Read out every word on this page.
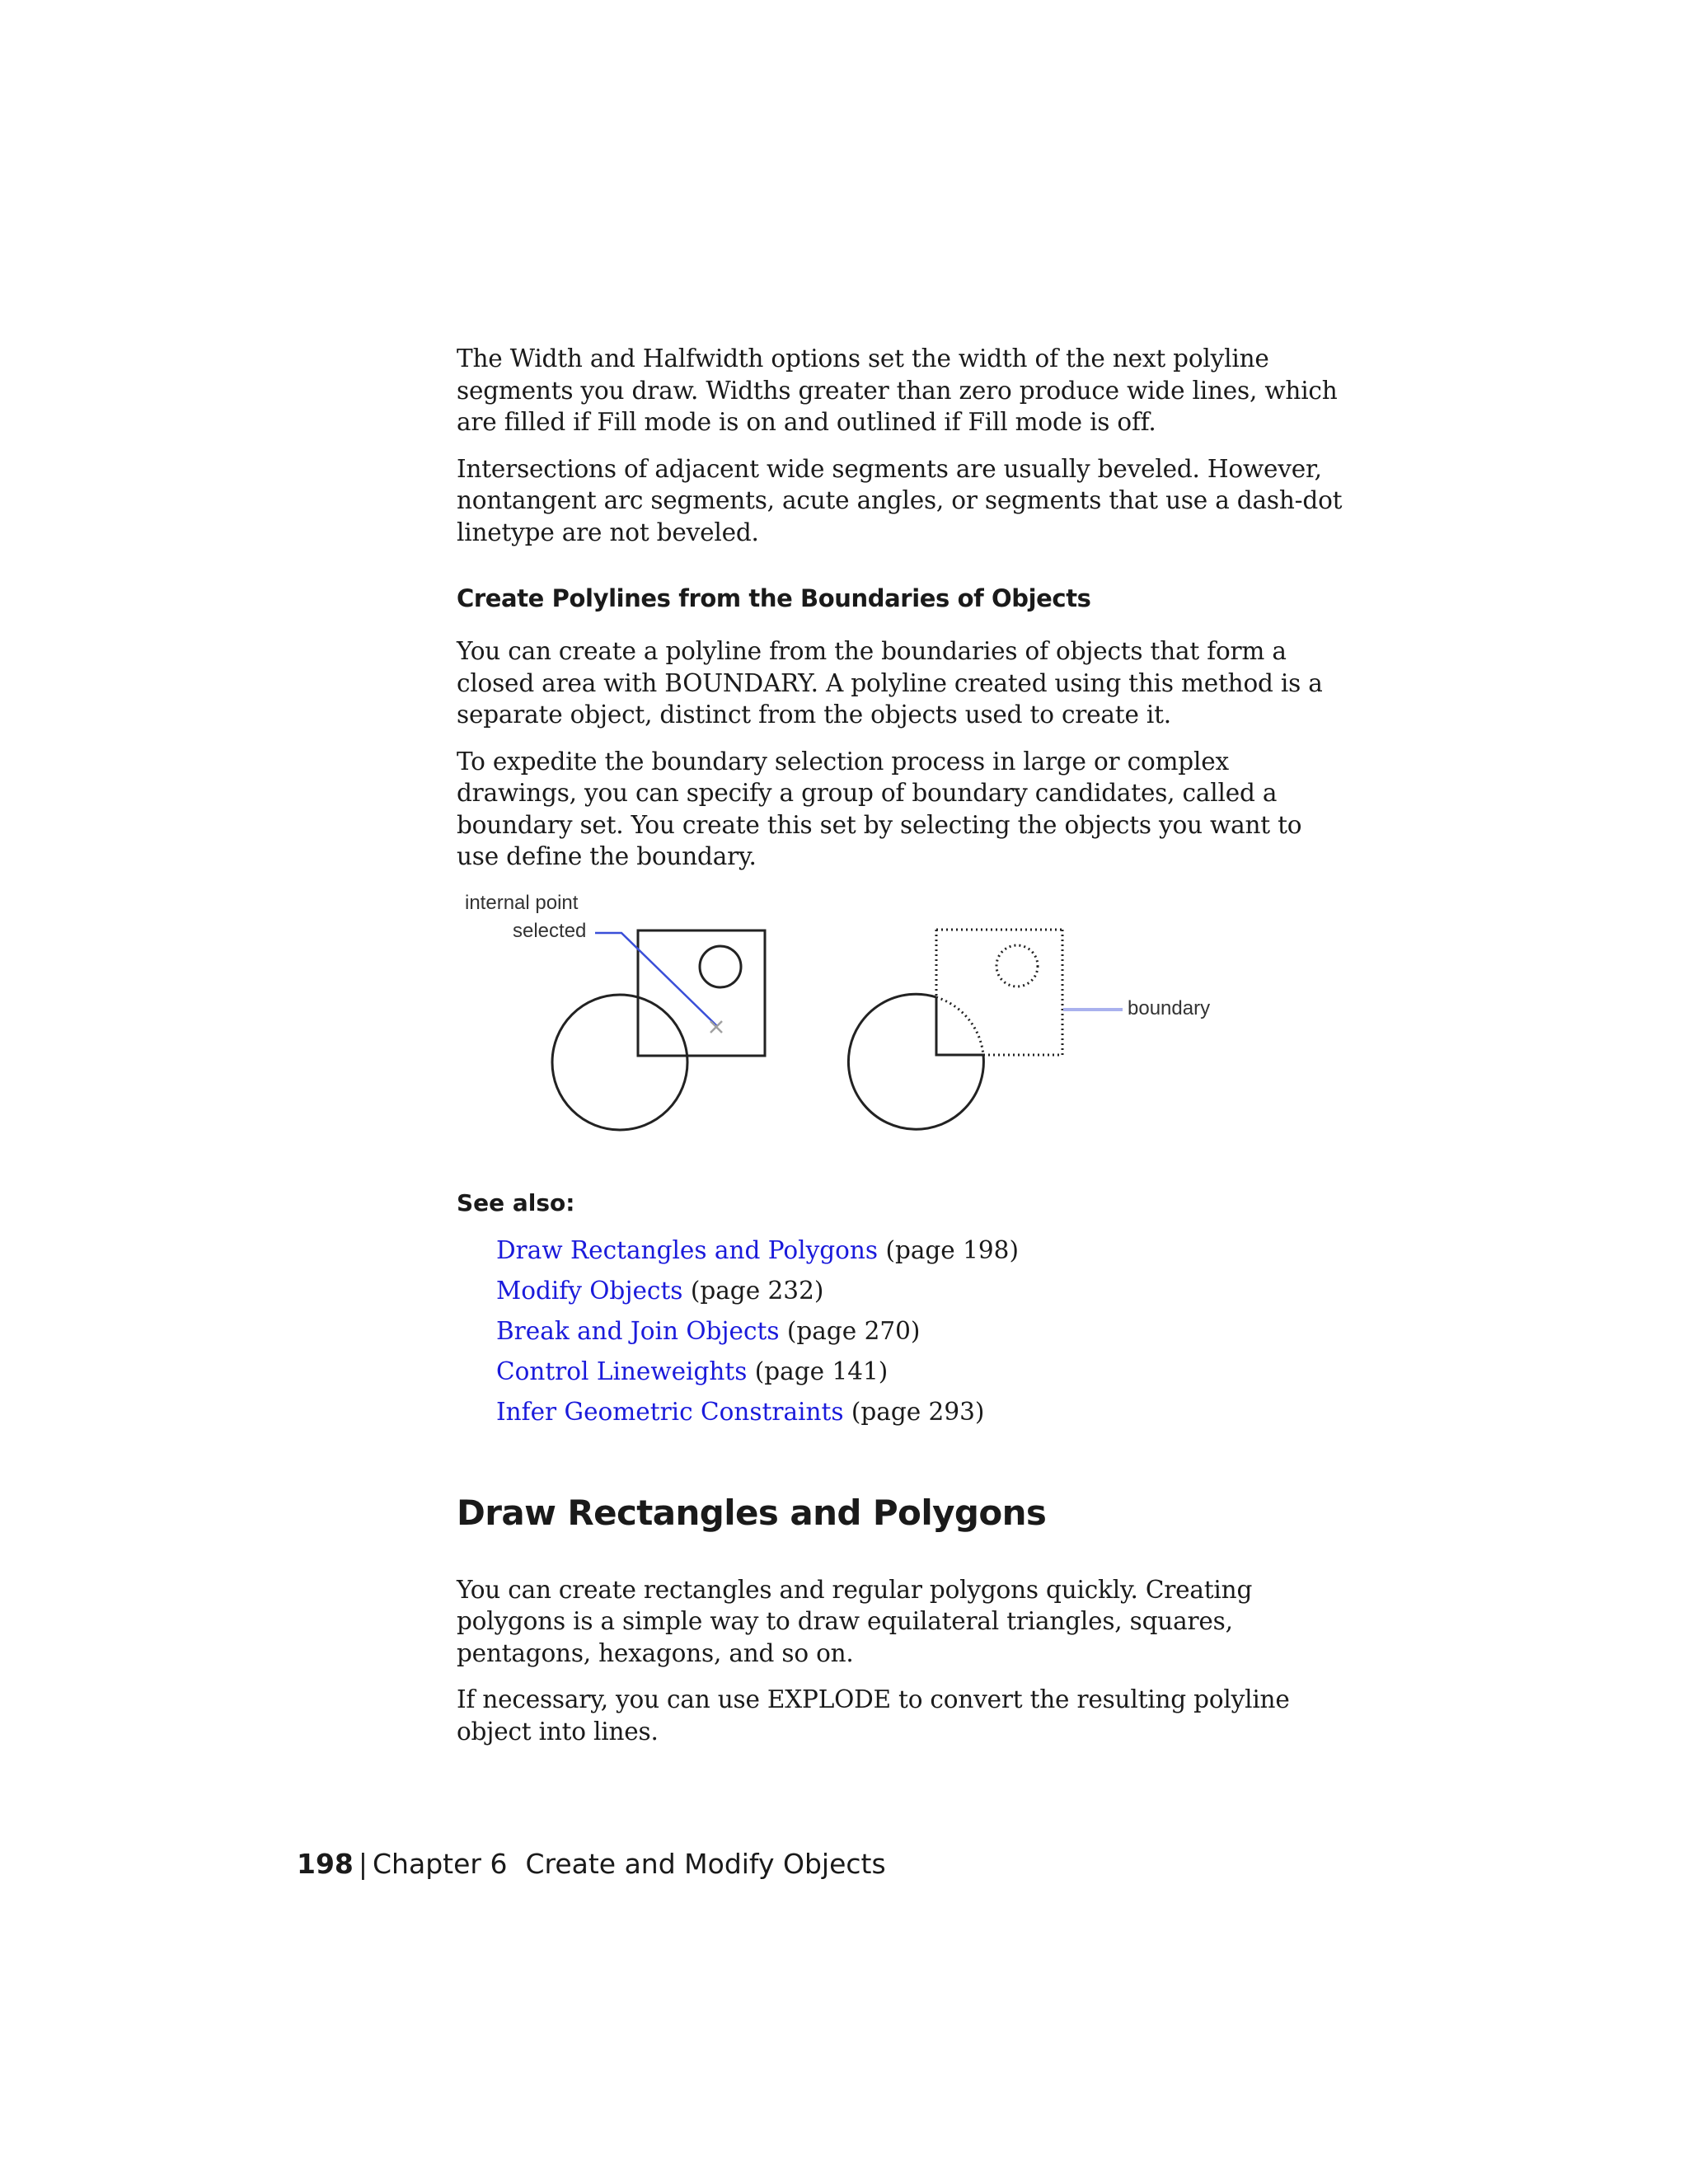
The Width and Halfwidth options set the width of the next polyline segments you draw. Widths greater than zero produce wide lines, which are filled if Fill mode is on and outlined if Fill mode is off.

Intersections of adjacent wide segments are usually beveled. However, nontangent arc segments, acute angles, or segments that use a dash-dot linetype are not beveled.

Create Polylines from the Boundaries of Objects

You can create a polyline from the boundaries of objects that form a closed area with BOUNDARY. A polyline created using this method is a separate object, distinct from the objects used to create it.

To expedite the boundary selection process in large or complex drawings, you can specify a group of boundary candidates, called a boundary set. You create this set by selecting the objects you want to use define the boundary.

internal point
selected
boundary
See also:
Draw Rectangles and Polygons (page 198)
Modify Objects (page 232)
Break and Join Objects (page 270)
Control Lineweights (page 141)
Infer Geometric Constraints (page 293)
Draw Rectangles and Polygons

You can create rectangles and regular polygons quickly. Creating polygons is a simple way to draw equilateral triangles, squares, pentagons, hexagons, and so on.

If necessary, you can use EXPLODE to convert the resulting polyline object into lines.

198 | Chapter 6 Create and Modify Objects
